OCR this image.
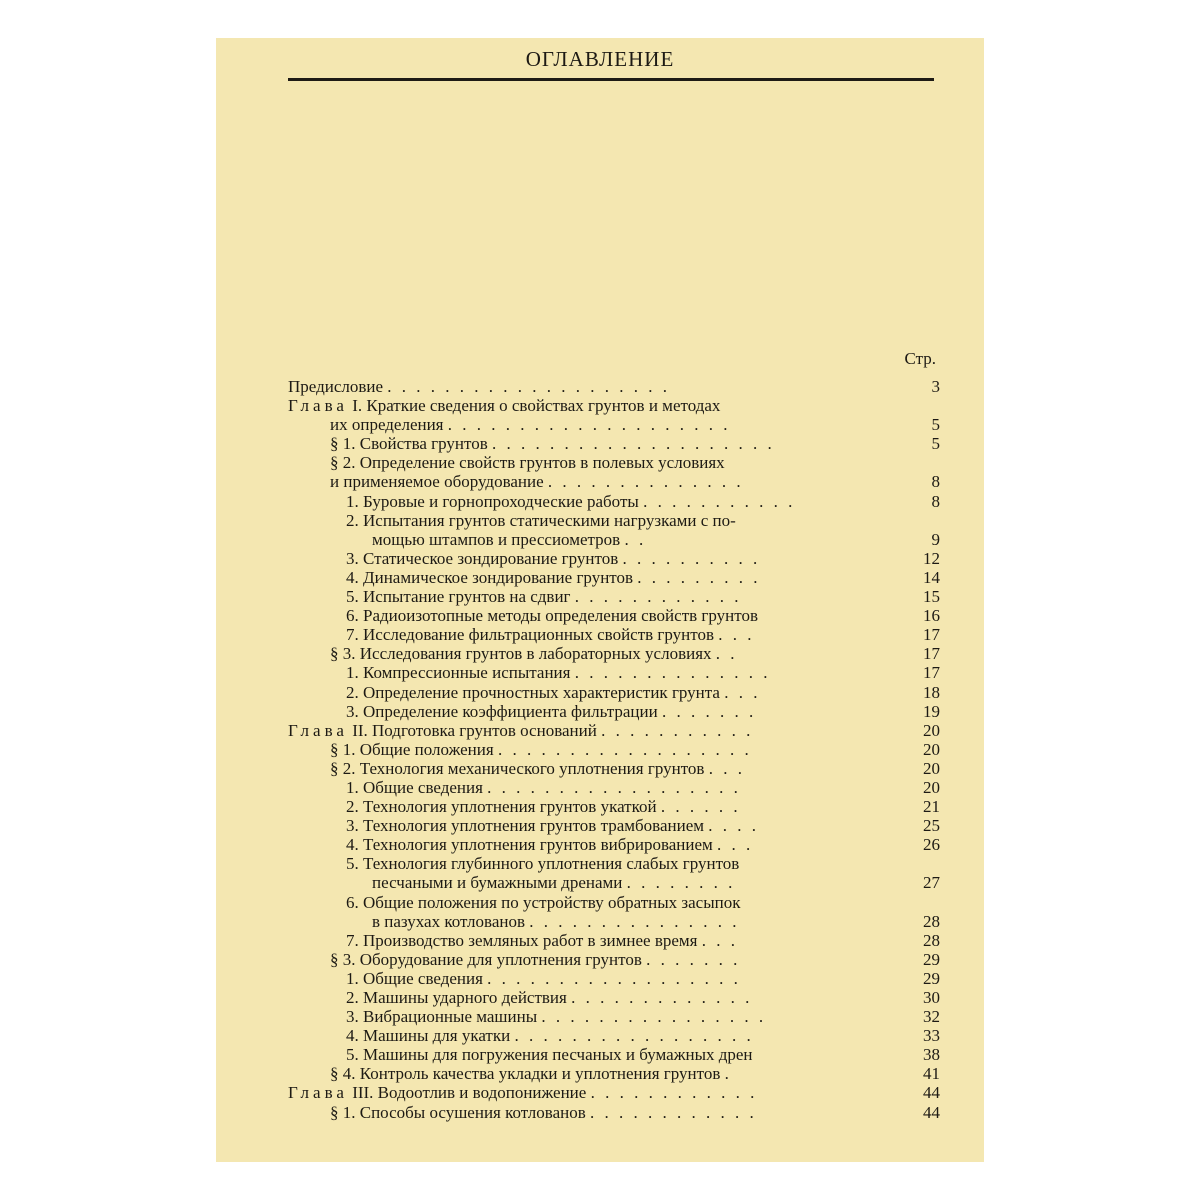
ОГЛАВЛЕНИЕ
Стр.
Предисловие . . . . . . . . . . . . . . . . . . . .	3
Глава I. Краткие сведения о свойствах грунтов и методах
их определения . . . . . . . . . . . . . . . . . . . .	5
§ 1. Свойства грунтов . . . . . . . . . . . . . . . . . . . .	5
§ 2. Определение свойств грунтов в полевых условиях
и применяемое оборудование . . . . . . . . . . . . . .	8
1. Буровые и горнопроходческие работы . . . . . . . . . . .	8
2. Испытания грунтов статическими нагрузками с по-
мощью штампов и прессиометров . .	9
3. Статическое зондирование грунтов . . . . . . . . . .	12
4. Динамическое зондирование грунтов . . . . . . . . .	14
5. Испытание грунтов на сдвиг . . . . . . . . . . . .	15
6. Радиоизотопные методы определения свойств грунтов	16
7. Исследование фильтрационных свойств грунтов . . .	17
§ 3. Исследования грунтов в лабораторных условиях . .	17
1. Компрессионные испытания . . . . . . . . . . . . . .	17
2. Определение прочностных характеристик грунта . . .	18
3. Определение коэффициента фильтрации . . . . . . .	19
Глава II. Подготовка грунтов оснований . . . . . . . . . . .	20
§ 1. Общие положения . . . . . . . . . . . . . . . . . .	20
§ 2. Технология механического уплотнения грунтов . . .	20
1. Общие сведения . . . . . . . . . . . . . . . . . .	20
2. Технология уплотнения грунтов укаткой . . . . . .	21
3. Технология уплотнения грунтов трамбованием . . . .	25
4. Технология уплотнения грунтов вибрированием . . .	26
5. Технология глубинного уплотнения слабых грунтов
песчаными и бумажными дренами . . . . . . . .	27
6. Общие положения по устройству обратных засыпок
в пазухах котлованов . . . . . . . . . . . . . . .	28
7. Производство земляных работ в зимнее время . . .	28
§ 3. Оборудование для уплотнения грунтов . . . . . . .	29
1. Общие сведения . . . . . . . . . . . . . . . . . .	29
2. Машины ударного действия . . . . . . . . . . . . .	30
3. Вибрационные машины . . . . . . . . . . . . . . . .	32
4. Машины для укатки . . . . . . . . . . . . . . . . .	33
5. Машины для погружения песчаных и бумажных дрен	38
§ 4. Контроль качества укладки и уплотнения грунтов .	41
Глава III. Водоотлив и водопонижение . . . . . . . . . . . .	44
§ 1. Способы осушения котлованов . . . . . . . . . . . .	44
